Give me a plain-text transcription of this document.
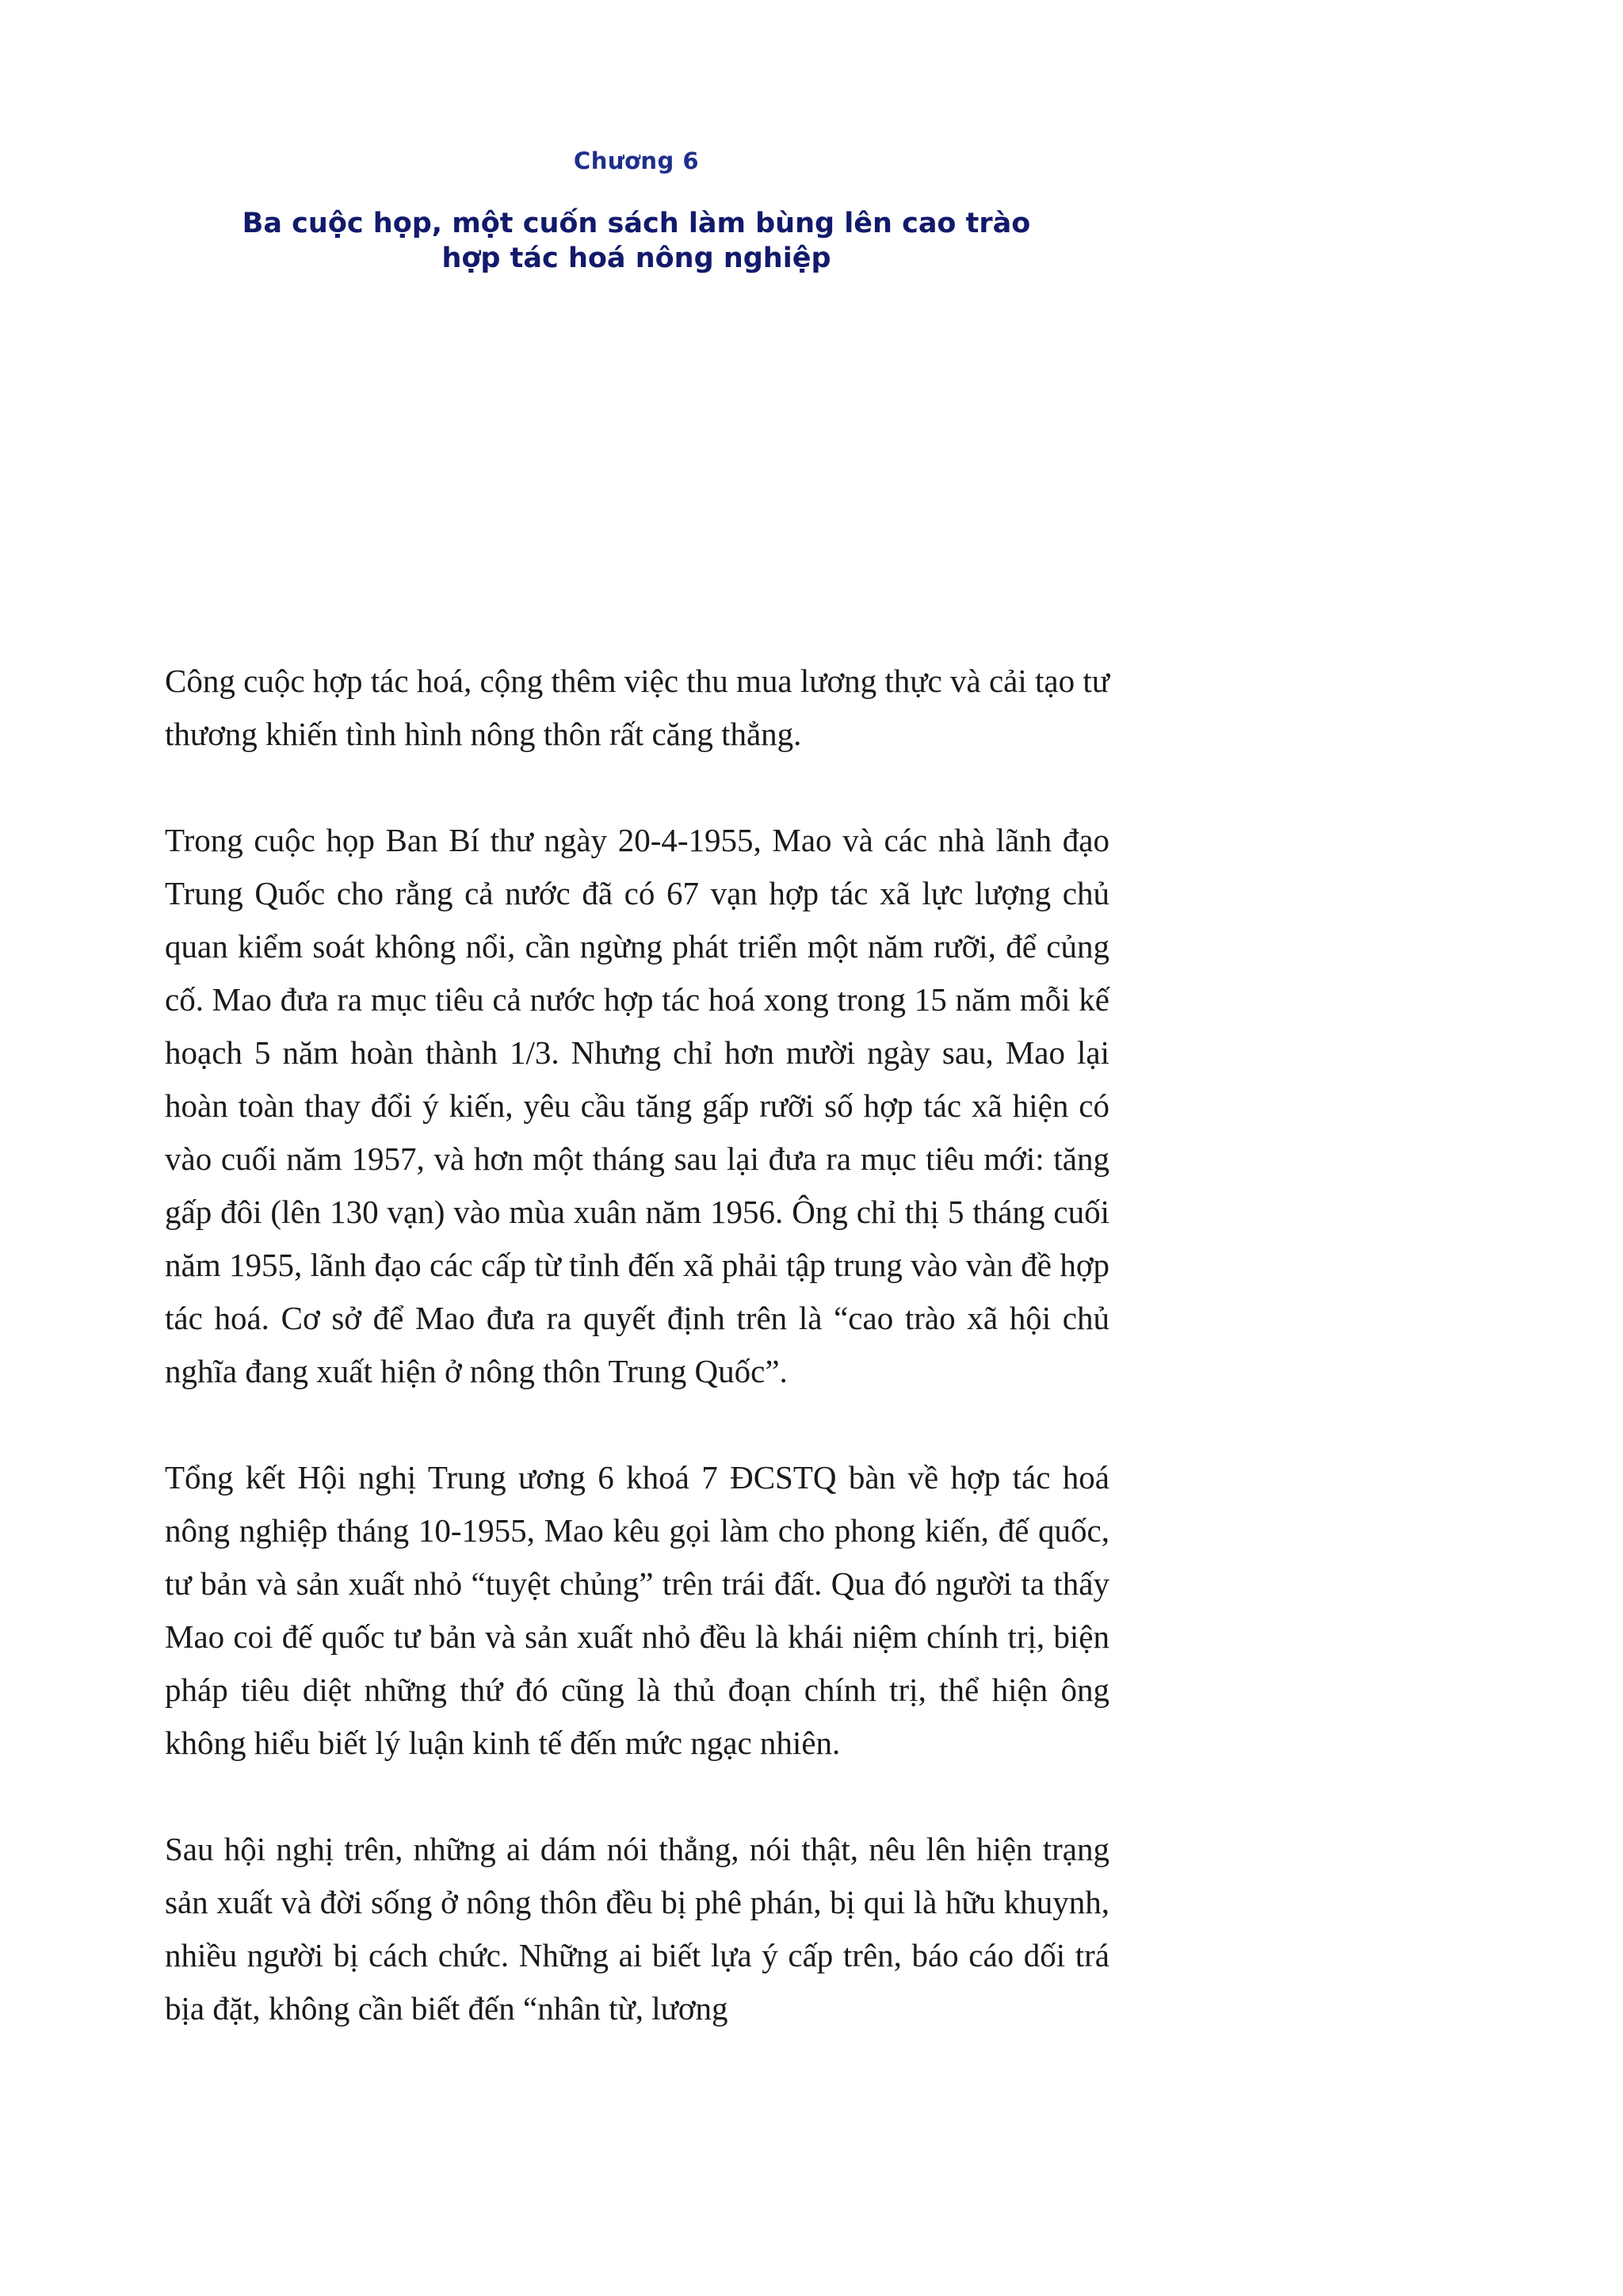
Chương 6
Ba cuộc họp, một cuốn sách làm bùng lên cao trào
hợp tác hoá nông nghiệp

Công cuộc hợp tác hoá, cộng thêm việc thu mua lương thực và cải tạo tư thương khiến tình hình nông thôn rất căng thẳng.

Trong cuộc họp Ban Bí thư ngày 20-4-1955, Mao và các nhà lãnh đạo Trung Quốc cho rằng cả nước đã có 67 vạn hợp tác xã lực lượng chủ quan kiểm soát không nổi, cần ngừng phát triển một năm rưỡi, để củng cố. Mao đưa ra mục tiêu cả nước hợp tác hoá xong trong 15 năm mỗi kế hoạch 5 năm hoàn thành 1/3. Nhưng chỉ hơn mười ngày sau, Mao lại hoàn toàn thay đổi ý kiến, yêu cầu tăng gấp rưỡi số hợp tác xã hiện có vào cuối năm 1957, và hơn một tháng sau lại đưa ra mục tiêu mới: tăng gấp đôi (lên 130 vạn) vào mùa xuân năm 1956. Ông chỉ thị 5 tháng cuối năm 1955, lãnh đạo các cấp từ tỉnh đến xã phải tập trung vào vàn đề hợp tác hoá. Cơ sở để Mao đưa ra quyết định trên là “cao trào xã hội chủ nghĩa đang xuất hiện ở nông thôn Trung Quốc”.

Tổng kết Hội nghị Trung ương 6 khoá 7 ĐCSTQ bàn về hợp tác hoá nông nghiệp tháng 10-1955, Mao kêu gọi làm cho phong kiến, đế quốc, tư bản và sản xuất nhỏ “tuyệt chủng” trên trái đất. Qua đó người ta thấy Mao coi đế quốc tư bản và sản xuất nhỏ đều là khái niệm chính trị, biện pháp tiêu diệt những thứ đó cũng là thủ đoạn chính trị, thể hiện ông không hiểu biết lý luận kinh tế đến mức ngạc nhiên.

Sau hội nghị trên, những ai dám nói thẳng, nói thật, nêu lên hiện trạng sản xuất và đời sống ở nông thôn đều bị phê phán, bị qui là hữu khuynh, nhiều người bị cách chức. Những ai biết lựa ý cấp trên, báo cáo dối trá bịa đặt, không cần biết đến “nhân từ, lương
